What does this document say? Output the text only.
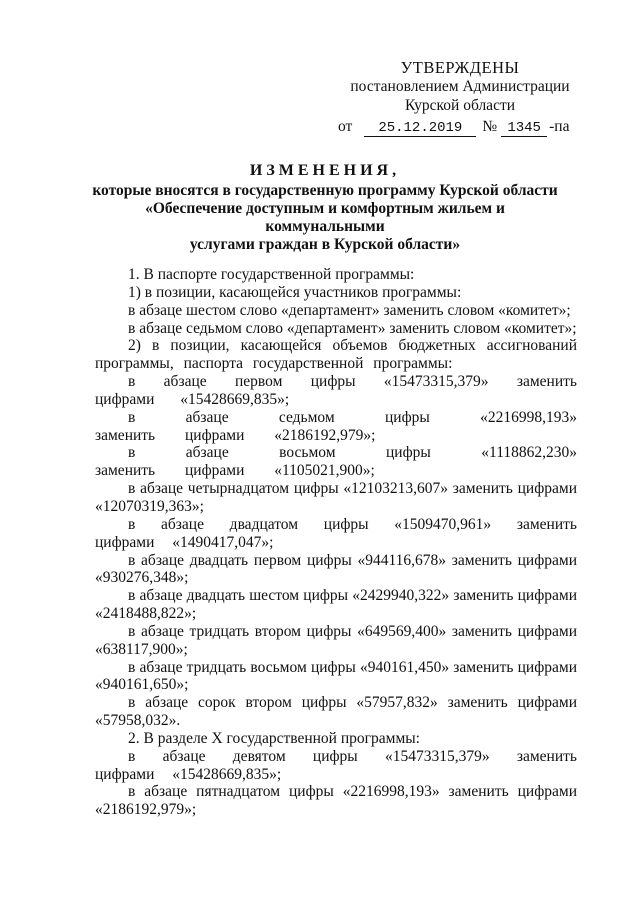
УТВЕРЖДЕНЫ
постановлением Администрации
Курской области
от	25.12.2019	№ 1345 -па
ИЗМЕНЕНИЯ,
которые вносятся в государственную программу Курской области
«Обеспечение доступным и комфортным жильем и коммунальными
услугами граждан в Курской области»

1. В паспорте государственной программы:

1) в позиции, касающейся участников программы:

в абзаце шестом слово «департамент» заменить словом «комитет»;

в абзаце седьмом слово «департамент» заменить словом «комитет»;

2) в позиции, касающейся объемов бюджетных ассигнований программы, паспорта государственной программы:

в абзаце первом цифры «15473315,379» заменить цифрами «15428669,835»;

в абзаце седьмом цифры «2216998,193» заменить цифрами «2186192,979»;

в абзаце восьмом цифры «1118862,230» заменить цифрами «1105021,900»;

в абзаце четырнадцатом цифры «12103213,607» заменить цифрами «12070319,363»;

в абзаце двадцатом цифры «1509470,961» заменить цифрами «1490417,047»;

в абзаце двадцать первом цифры «944116,678» заменить цифрами «930276,348»;

в абзаце двадцать шестом цифры «2429940,322» заменить цифрами «2418488,822»;

в абзаце тридцать втором цифры «649569,400» заменить цифрами «638117,900»;

в абзаце тридцать восьмом цифры «940161,450» заменить цифрами «940161,650»;

в абзаце сорок втором цифры «57957,832» заменить цифрами «57958,032».

2. В разделе X государственной программы:

в абзаце девятом цифры «15473315,379» заменить цифрами «15428669,835»;

в абзаце пятнадцатом цифры «2216998,193» заменить цифрами «2186192,979»;
